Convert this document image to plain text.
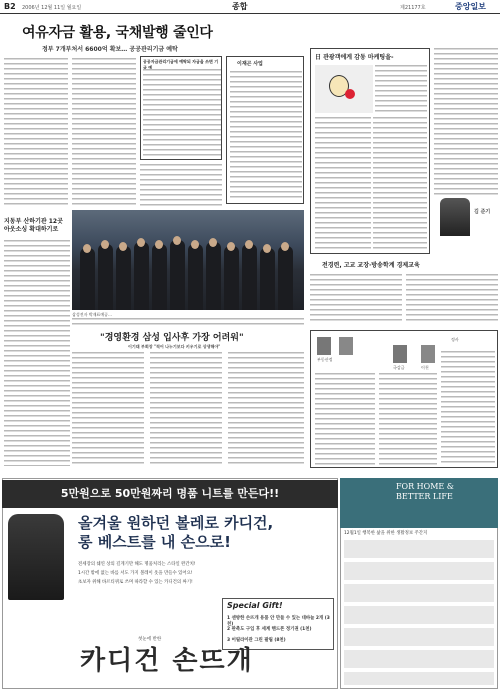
B2 2006년 12월 11일 월요일	종합	제21177호	중앙일보
여유자금 활용, 국채발행 줄인다
정부 7개부처서 6600억 확보… 공공관리기금 예탁
공공자금관리기금에 예탁되 자금을 쓰면 기금 예
이재곤 사업
지동부 산하기관 12곳 아웃소싱 확대하기로
삼성전자 박재표예공…
"경영환경 삼성 입사후 가장 어려워"
이기태 부회장 "적어 나누기보다 키우기로 상생해야"
日 관광객에게 감동 마케팅을-
김 준기
전경련, 고교 교장·방송학계 경제교육
부동산정
국감금	이천
정사
5만원으로 50만원짜리 명품 니트를 만든다!!
올겨울 원하던 볼레로 카디건,
롱 베스트를 내 손으로!
전세장의 쉐연 상의 길게기만 해도 명품처리는 스타일 완간치!
1시간 밖에 없는 바를 서도 가지 볼레이 옷을 만들수 있어요!
초보자 위해 바르티퀴로 쓰며 따라할 수 있는 카디건의 짜기!
Special Gift!
1 센방한 손뜨개 용품 안 만들 수 있는 대바늘 2개 (3천)
2 판촉도 구입 후 세계 핸드폰 정기권 (1천)
3 어릴라이관 그린 팔림 (8천)
첫눈에 반한
카디건 손뜨개
FOR HOME &
BETTER LIFE
12월1일 행복한 삶을 위한 생활정보 주간지
